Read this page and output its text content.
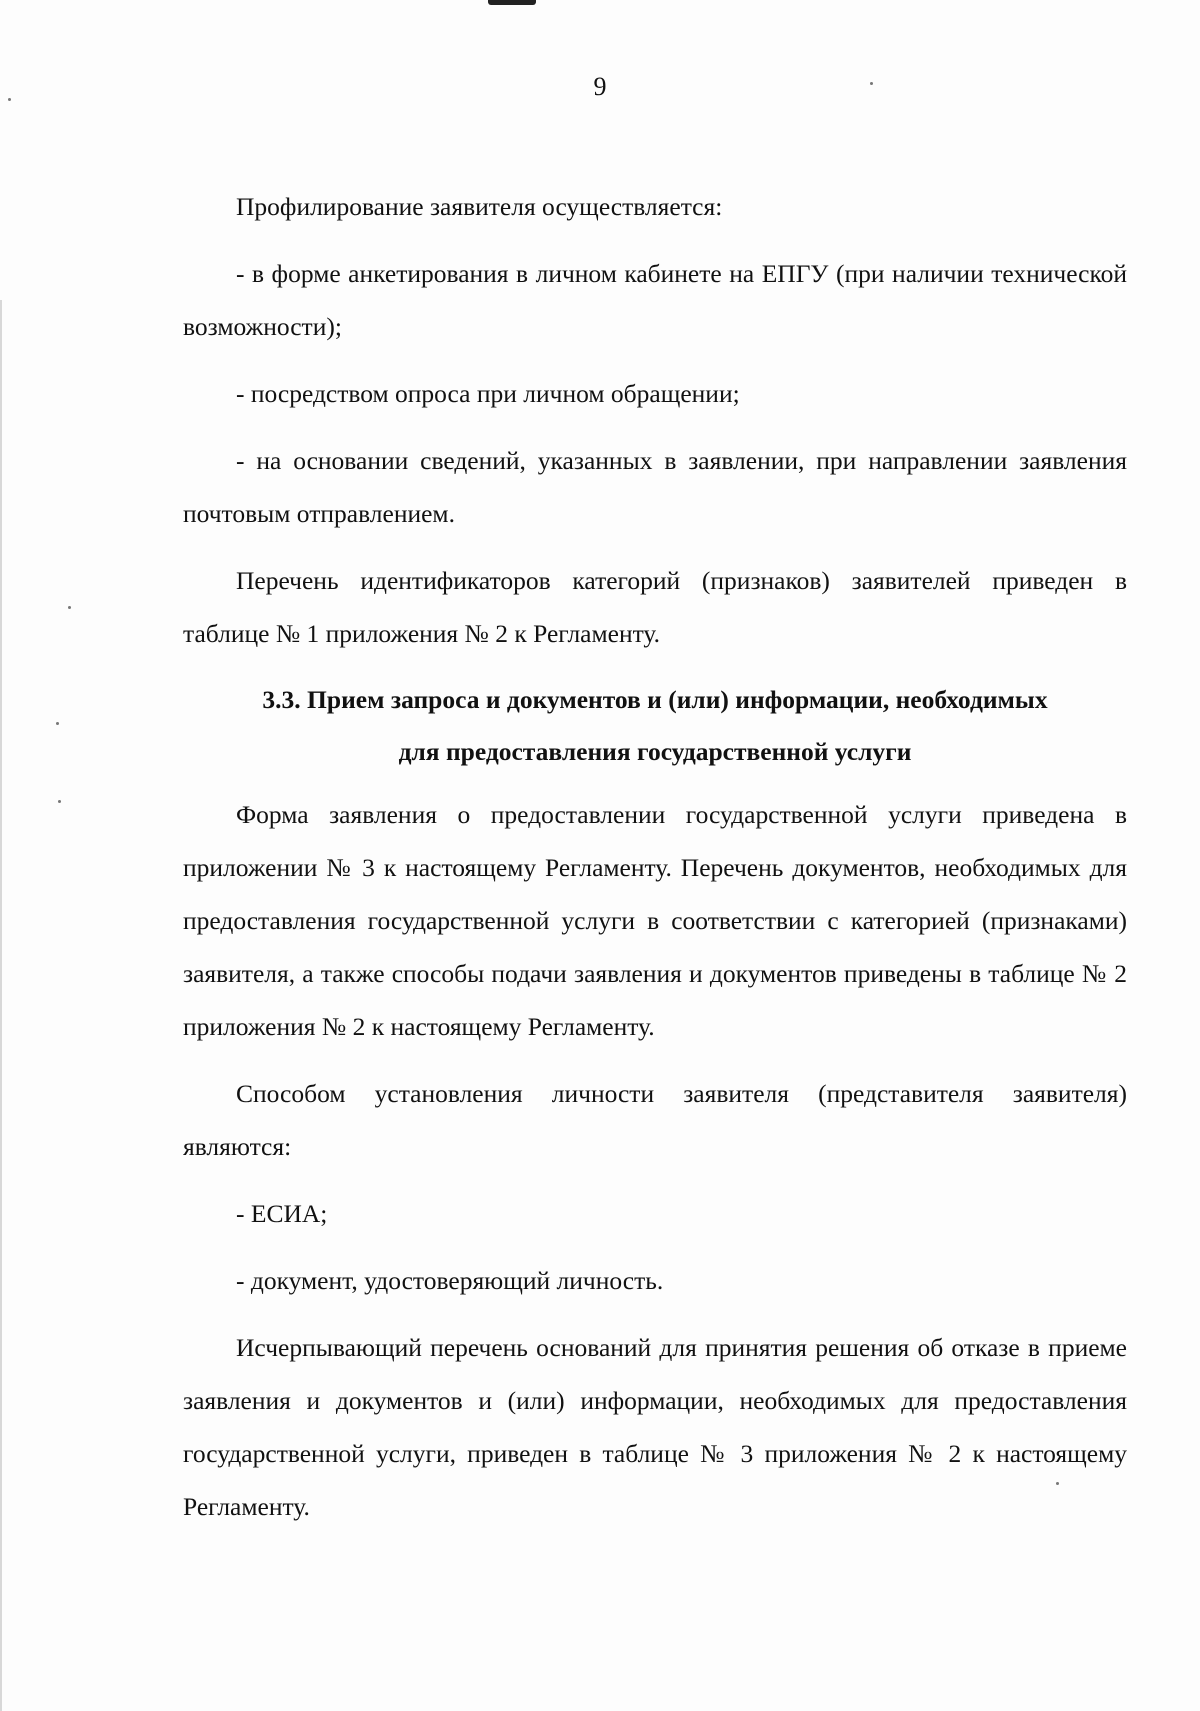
9

Профилирование заявителя осуществляется:

- в форме анкетирования в личном кабинете на ЕПГУ (при наличии технической возможности);

- посредством опроса при личном обращении;

- на основании сведений, указанных в заявлении, при направлении заявления почтовым отправлением.

Перечень идентификаторов категорий (признаков) заявителей приведен в таблице № 1 приложения № 2 к Регламенту.

3.3. Прием запроса и документов и (или) информации, необходимых
для предоставления государственной услуги

Форма заявления о предоставлении государственной услуги приведена в приложении № 3 к настоящему Регламенту. Перечень документов, необходимых для предоставления государственной услуги в соответствии с категорией (признаками) заявителя, а также способы подачи заявления и документов приведены в таблице № 2 приложения № 2 к настоящему Регламенту.

Способом установления личности заявителя (представителя заявителя) являются:

- ЕСИА;

- документ, удостоверяющий личность.

Исчерпывающий перечень оснований для принятия решения об отказе в приеме заявления и документов и (или) информации, необходимых для предоставления государственной услуги, приведен в таблице № 3 приложения № 2 к настоящему Регламенту.
